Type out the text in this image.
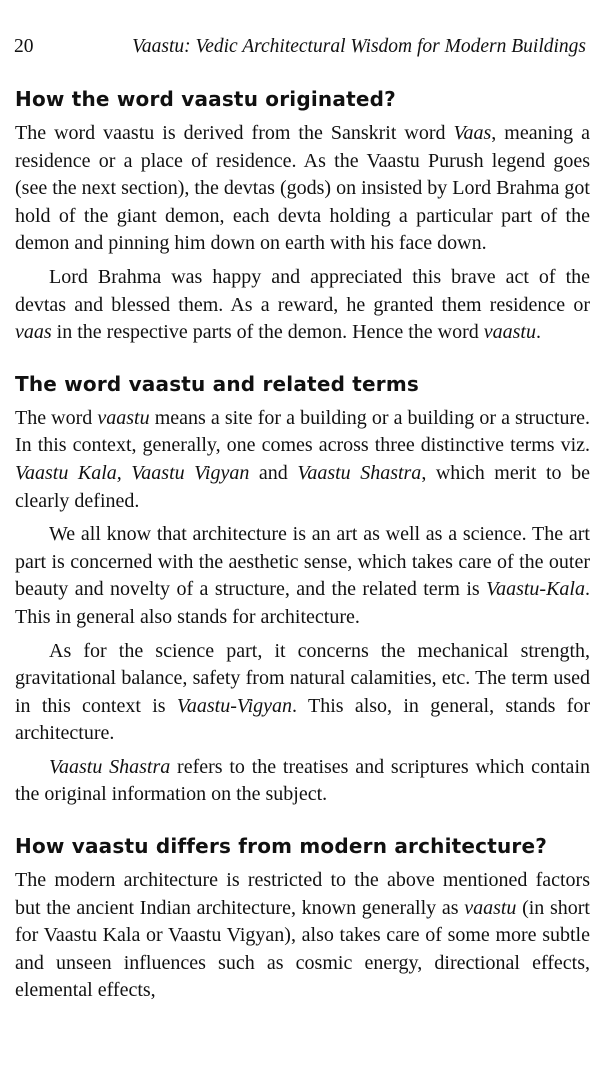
20	Vaastu: Vedic Architectural Wisdom for Modern Buildings
How the word vaastu originated?

The word vaastu is derived from the Sanskrit word Vaas, meaning a residence or a place of residence. As the Vaastu Purush legend goes (see the next section), the devtas (gods) on insisted by Lord Brahma got hold of the giant demon, each devta holding a particular part of the demon and pinning him down on earth with his face down.

Lord Brahma was happy and appreciated this brave act of the devtas and blessed them. As a reward, he granted them residence or vaas in the respective parts of the demon. Hence the word vaastu.

The word vaastu and related terms

The word vaastu means a site for a building or a building or a structure. In this context, generally, one comes across three distinctive terms viz. Vaastu Kala, Vaastu Vigyan and Vaastu Shastra, which merit to be clearly defined.

We all know that architecture is an art as well as a science. The art part is concerned with the aesthetic sense, which takes care of the outer beauty and novelty of a structure, and the related term is Vaastu-Kala. This in general also stands for architecture.

As for the science part, it concerns the mechanical strength, gravitational balance, safety from natural calamities, etc. The term used in this context is Vaastu-Vigyan. This also, in general, stands for architecture.

Vaastu Shastra refers to the treatises and scriptures which contain the original information on the subject.

How vaastu differs from modern architecture?

The modern architecture is restricted to the above mentioned factors but the ancient Indian architecture, known generally as vaastu (in short for Vaastu Kala or Vaastu Vigyan), also takes care of some more subtle and unseen influences such as cosmic energy, directional effects, elemental effects,
